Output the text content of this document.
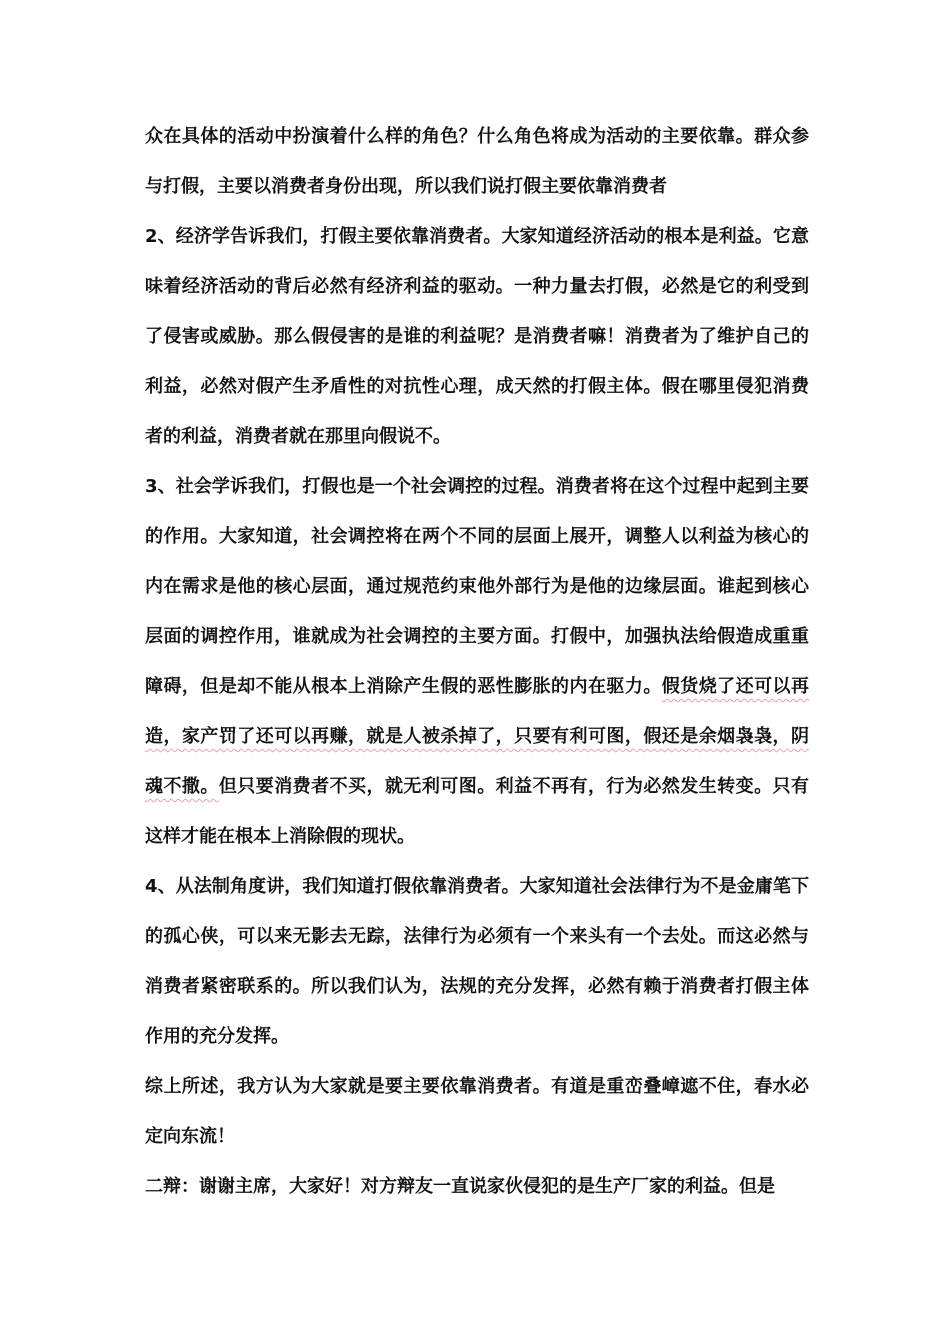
众在具体的活动中扮演着什么样的角色？什么角色将成为活动的主要依靠。群众参与打假，主要以消费者身份出现，所以我们说打假主要依靠消费者

2、经济学告诉我们，打假主要依靠消费者。大家知道经济活动的根本是利益。它意味着经济活动的背后必然有经济利益的驱动。一种力量去打假，必然是它的利受到了侵害或威胁。那么假侵害的是谁的利益呢？是消费者嘛！消费者为了维护自己的利益，必然对假产生矛盾性的对抗性心理，成天然的打假主体。假在哪里侵犯消费者的利益，消费者就在那里向假说不。

3、社会学诉我们，打假也是一个社会调控的过程。消费者将在这个过程中起到主要的作用。大家知道，社会调控将在两个不同的层面上展开，调整人以利益为核心的内在需求是他的核心层面，通过规范约束他外部行为是他的边缘层面。谁起到核心层面的调控作用，谁就成为社会调控的主要方面。打假中，加强执法给假造成重重障碍，但是却不能从根本上消除产生假的恶性膨胀的内在驱力。假货烧了还可以再造，家产罚了还可以再赚，就是人被杀掉了，只要有利可图，假还是余烟袅袅，阴魂不撒。但只要消费者不买，就无利可图。利益不再有，行为必然发生转变。只有这样才能在根本上消除假的现状。

4、从法制角度讲，我们知道打假依靠消费者。大家知道社会法律行为不是金庸笔下的孤心侠，可以来无影去无踪，法律行为必须有一个来头有一个去处。而这必然与消费者紧密联系的。所以我们认为，法规的充分发挥，必然有赖于消费者打假主体作用的充分发挥。

综上所述，我方认为大家就是要主要依靠消费者。有道是重峦叠嶂遮不住，春水必定向东流！

二辩：谢谢主席，大家好！对方辩友一直说家伙侵犯的是生产厂家的利益。但是
